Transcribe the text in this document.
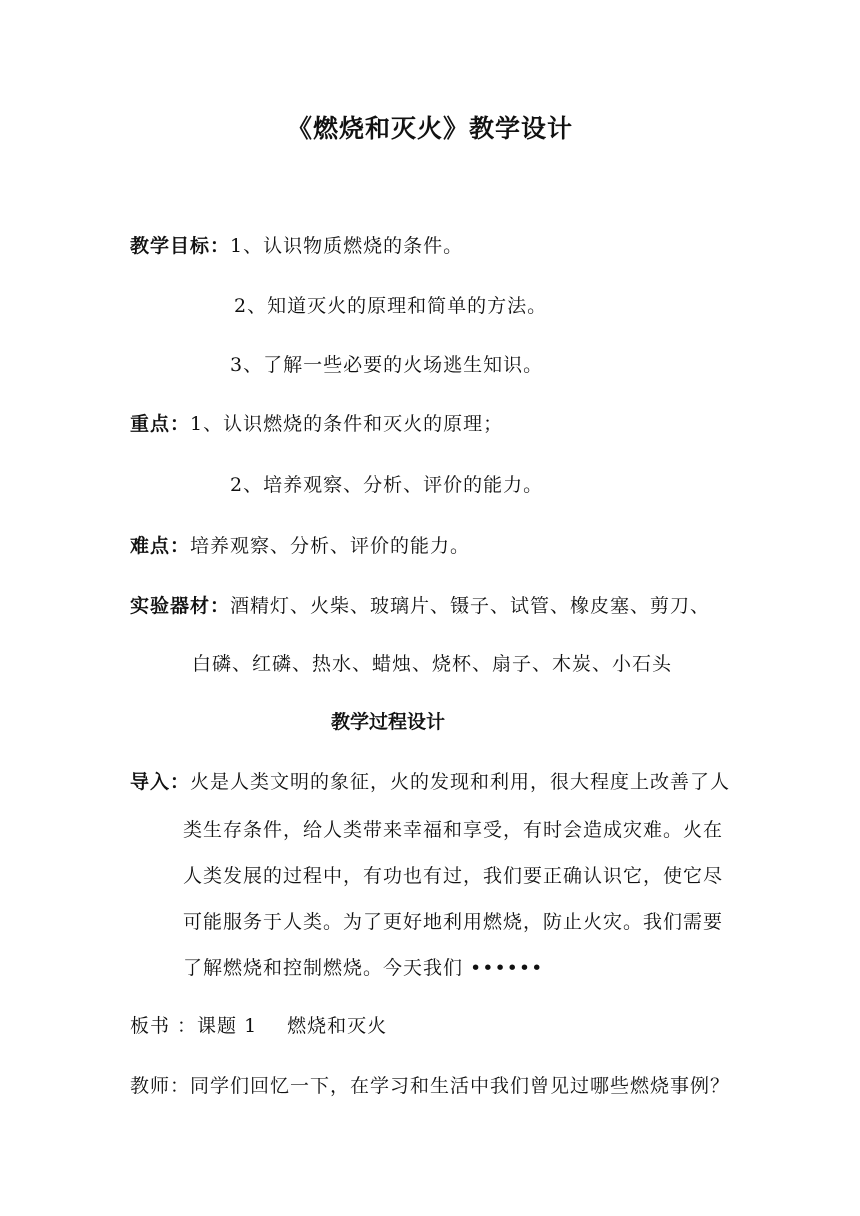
《燃烧和灭火》教学设计
教学目标：1、认识物质燃烧的条件。
2、知道灭火的原理和简单的方法。
3、了解一些必要的火场逃生知识。
重点：1、认识燃烧的条件和灭火的原理；
2、培养观察、分析、评价的能力。
难点：培养观察、分析、评价的能力。
实验器材：酒精灯、火柴、玻璃片、镊子、试管、橡皮塞、剪刀、
白磷、红磷、热水、蜡烛、烧杯、扇子、木炭、小石头
教学过程设计
导入：火是人类文明的象征，火的发现和利用，很大程度上改善了人
类生存条件，给人类带来幸福和享受，有时会造成灾难。火在
人类发展的过程中，有功也有过，我们要正确认识它，使它尽
可能服务于人类。为了更好地利用燃烧，防止火灾。我们需要
了解燃烧和控制燃烧。今天我们 ••••••
板书 ：课题 1 燃烧和灭火
教师：同学们回忆一下，在学习和生活中我们曾见过哪些燃烧事例？
